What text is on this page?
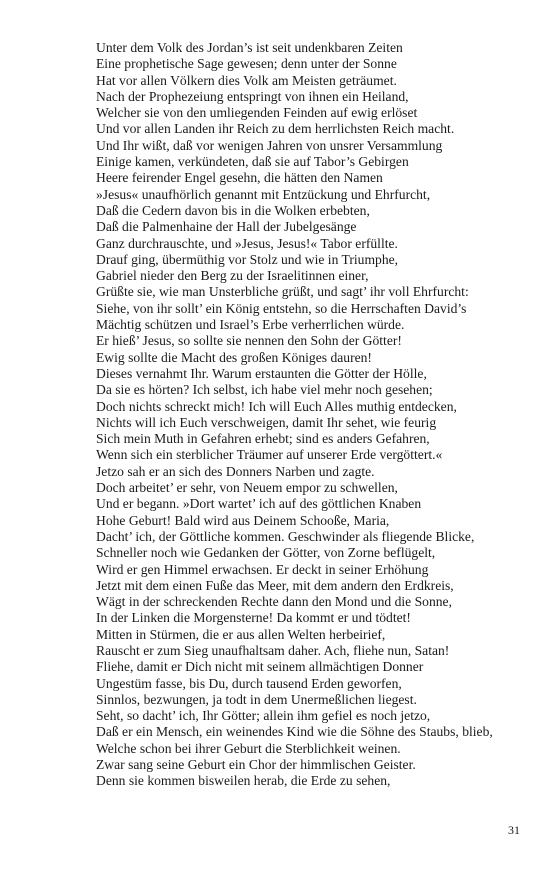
Unter dem Volk des Jordan’s ist seit undenkbaren Zeiten
Eine prophetische Sage gewesen; denn unter der Sonne
Hat vor allen Völkern dies Volk am Meisten geträumet.
Nach der Prophezeiung entspringt von ihnen ein Heiland,
Welcher sie von den umliegenden Feinden auf ewig erlöset
Und vor allen Landen ihr Reich zu dem herrlichsten Reich macht.
Und Ihr wißt, daß vor wenigen Jahren von unsrer Versammlung
Einige kamen, verkündeten, daß sie auf Tabor’s Gebirgen
Heere feirender Engel gesehn, die hätten den Namen
»Jesus« unaufhörlich genannt mit Entzückung und Ehrfurcht,
Daß die Cedern davon bis in die Wolken erbebten,
Daß die Palmenhaine der Hall der Jubelgesänge
Ganz durchrauschte, und »Jesus, Jesus!« Tabor erfüllte.
Drauf ging, übermüthig vor Stolz und wie in Triumphe,
Gabriel nieder den Berg zu der Israelitinnen einer,
Grüßte sie, wie man Unsterbliche grüßt, und sagt’ ihr voll Ehrfurcht:
Siehe, von ihr sollt’ ein König entstehn, so die Herrschaften David’s
Mächtig schützen und Israel’s Erbe verherrlichen würde.
Er hieß’ Jesus, so sollte sie nennen den Sohn der Götter!
Ewig sollte die Macht des großen Königes dauren!
Dieses vernahmt Ihr. Warum erstaunten die Götter der Hölle,
Da sie es hörten? Ich selbst, ich habe viel mehr noch gesehen;
Doch nichts schreckt mich! Ich will Euch Alles muthig entdecken,
Nichts will ich Euch verschweigen, damit Ihr sehet, wie feurig
Sich mein Muth in Gefahren erhebt; sind es anders Gefahren,
Wenn sich ein sterblicher Träumer auf unserer Erde vergöttert.«
Jetzo sah er an sich des Donners Narben und zagte.
Doch arbeitet’ er sehr, von Neuem empor zu schwellen,
Und er begann. »Dort wartet’ ich auf des göttlichen Knaben
Hohe Geburt! Bald wird aus Deinem Schooße, Maria,
Dacht’ ich, der Göttliche kommen. Geschwinder als fliegende Blicke,
Schneller noch wie Gedanken der Götter, von Zorne beflügelt,
Wird er gen Himmel erwachsen. Er deckt in seiner Erhöhung
Jetzt mit dem einen Fuße das Meer, mit dem andern den Erdkreis,
Wägt in der schreckenden Rechte dann den Mond und die Sonne,
In der Linken die Morgensterne! Da kommt er und tödtet!
Mitten in Stürmen, die er aus allen Welten herbeirief,
Rauscht er zum Sieg unaufhaltsam daher. Ach, fliehe nun, Satan!
Fliehe, damit er Dich nicht mit seinem allmächtigen Donner
Ungestüm fasse, bis Du, durch tausend Erden geworfen,
Sinnlos, bezwungen, ja todt in dem Unermeßlichen liegest.
Seht, so dacht’ ich, Ihr Götter; allein ihm gefiel es noch jetzo,
Daß er ein Mensch, ein weinendes Kind wie die Söhne des Staubs, blieb,
Welche schon bei ihrer Geburt die Sterblichkeit weinen.
Zwar sang seine Geburt ein Chor der himmlischen Geister.
Denn sie kommen bisweilen herab, die Erde zu sehen,
31
